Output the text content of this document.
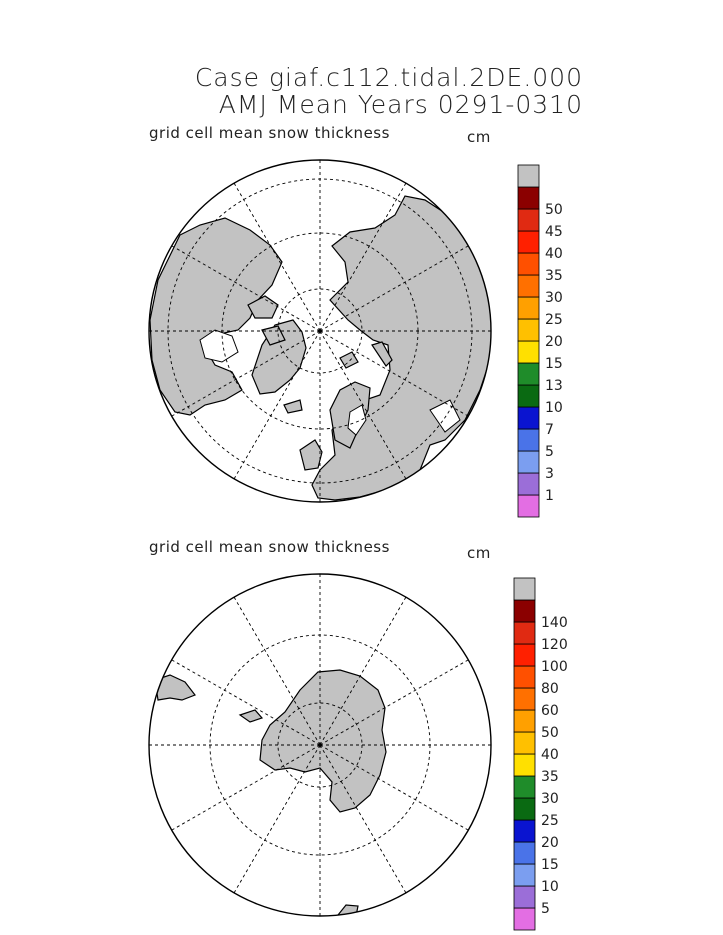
Case giaf.c112.tidal.2DE.000
AMJ Mean Years 0291-0310
grid cell mean snow thickness	cm
grid cell mean snow thickness	cm
1
3
5
7
10
13
15
20
25
30
35
40
45
50
5
10
15
20
25
30
35
40
50
60
80
100
120
140
